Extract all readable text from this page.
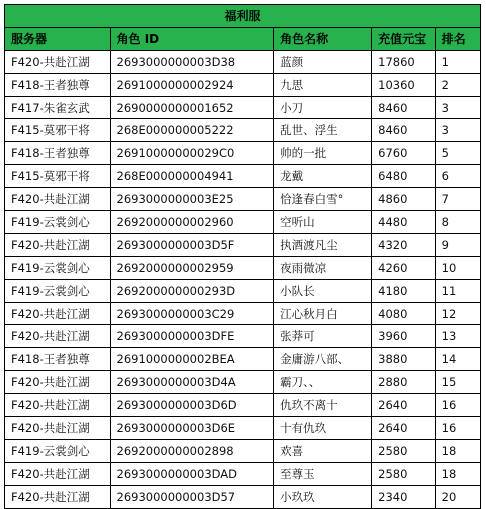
福利服				
服务器	角色 ID	角色名称	充值元宝	排名
F420-共赴江湖	2693000000003D38	蓝颜	17860	1
F418-王者独尊	2691000000002924	九思	10360	2
F417-朱雀玄武	2690000000001652	小刀	8460	3
F415-莫邪干将	268E000000005222	乱世、浮生	8460	3
F418-王者独尊	26910000000029C0	帅的一批	6760	5
F415-莫邪干将	268E000000004941	龙戴	6480	6
F420-共赴江湖	2693000000003E25	恰逢春白雪°	4860	7
F419-云裳剑心	2692000000002960	空听山	4480	8
F420-共赴江湖	2693000000003D5F	执酒渡凡尘	4320	9
F419-云裳剑心	2692000000002959	夜雨微凉	4260	10
F419-云裳剑心	269200000000293D	小队长	4180	11
F420-共赴江湖	2693000000003C29	江心秋月白	4080	12
F420-共赴江湖	2693000000003DFE	张莽可	3960	13
F418-王者独尊	2691000000002BEA	金庸游八部、	3880	14
F420-共赴江湖	2693000000003D4A	霸刀、、	2880	15
F420-共赴江湖	2693000000003D6D	仇玖不离十	2640	16
F420-共赴江湖	2693000000003D6E	十有仇玖	2640	16
F419-云裳剑心	2692000000002898	欢喜	2580	18
F420-共赴江湖	2693000000003DAD	至尊玉	2580	18
F420-共赴江湖	2693000000003D57	小玖玖	2340	20
